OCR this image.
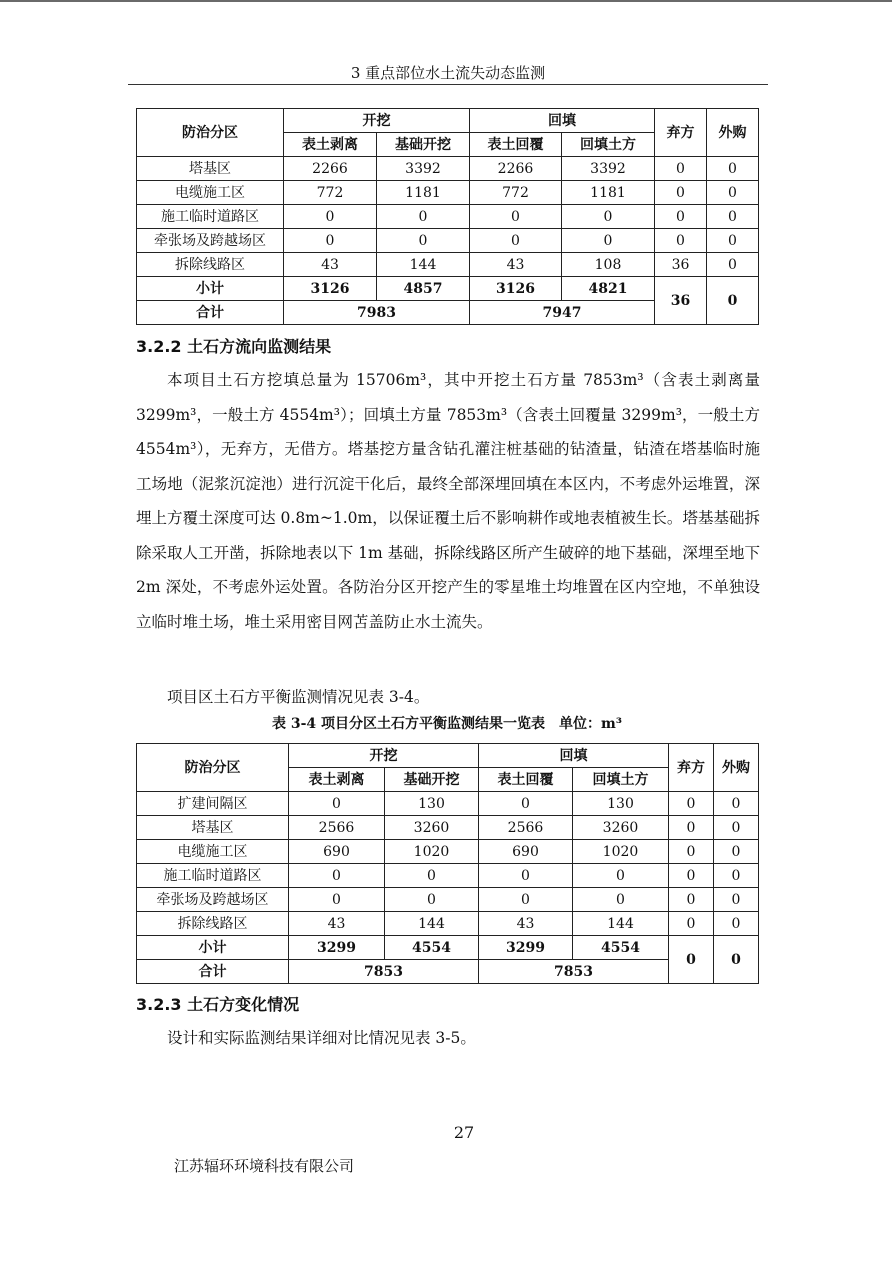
3 重点部位水土流失动态监测
防治分区	开挖		回填		弃方	外购
	表土剥离	基础开挖	表土回覆	回填土方		
塔基区	2266	3392	2266	3392	0	0
电缆施工区	772	1181	772	1181	0	0
施工临时道路区	0	0	0	0	0	0
牵张场及跨越场区	0	0	0	0	0	0
拆除线路区	43	144	43	108	36	0
小计	3126	4857	3126	4821	36	0
合计	7983		7947			
3.2.2 土石方流向监测结果

本项目土石方挖填总量为 15706m³，其中开挖土石方量 7853m³（含表土剥离量 3299m³，一般土方 4554m³）；回填土方量 7853m³（含表土回覆量 3299m³，一般土方 4554m³），无弃方，无借方。塔基挖方量含钻孔灌注桩基础的钻渣量，钻渣在塔基临时施工场地（泥浆沉淀池）进行沉淀干化后，最终全部深埋回填在本区内，不考虑外运堆置，深埋上方覆土深度可达 0.8m~1.0m，以保证覆土后不影响耕作或地表植被生长。塔基基础拆除采取人工开凿，拆除地表以下 1m 基础，拆除线路区所产生破碎的地下基础，深埋至地下 2m 深处，不考虑外运处置。各防治分区开挖产生的零星堆土均堆置在区内空地，不单独设立临时堆土场，堆土采用密目网苫盖防止水土流失。

项目区土石方平衡监测情况见表 3-4。

表 3-4 项目分区土石方平衡监测结果一览表　单位：m³
防治分区	开挖		回填		弃方	外购
	表土剥离	基础开挖	表土回覆	回填土方		
扩建间隔区	0	130	0	130	0	0
塔基区	2566	3260	2566	3260	0	0
电缆施工区	690	1020	690	1020	0	0
施工临时道路区	0	0	0	0	0	0
牵张场及跨越场区	0	0	0	0	0	0
拆除线路区	43	144	43	144	0	0
小计	3299	4554	3299	4554	0	0
合计	7853		7853			
3.2.3 土石方变化情况

设计和实际监测结果详细对比情况见表 3-5。

27
江苏辐环环境科技有限公司
